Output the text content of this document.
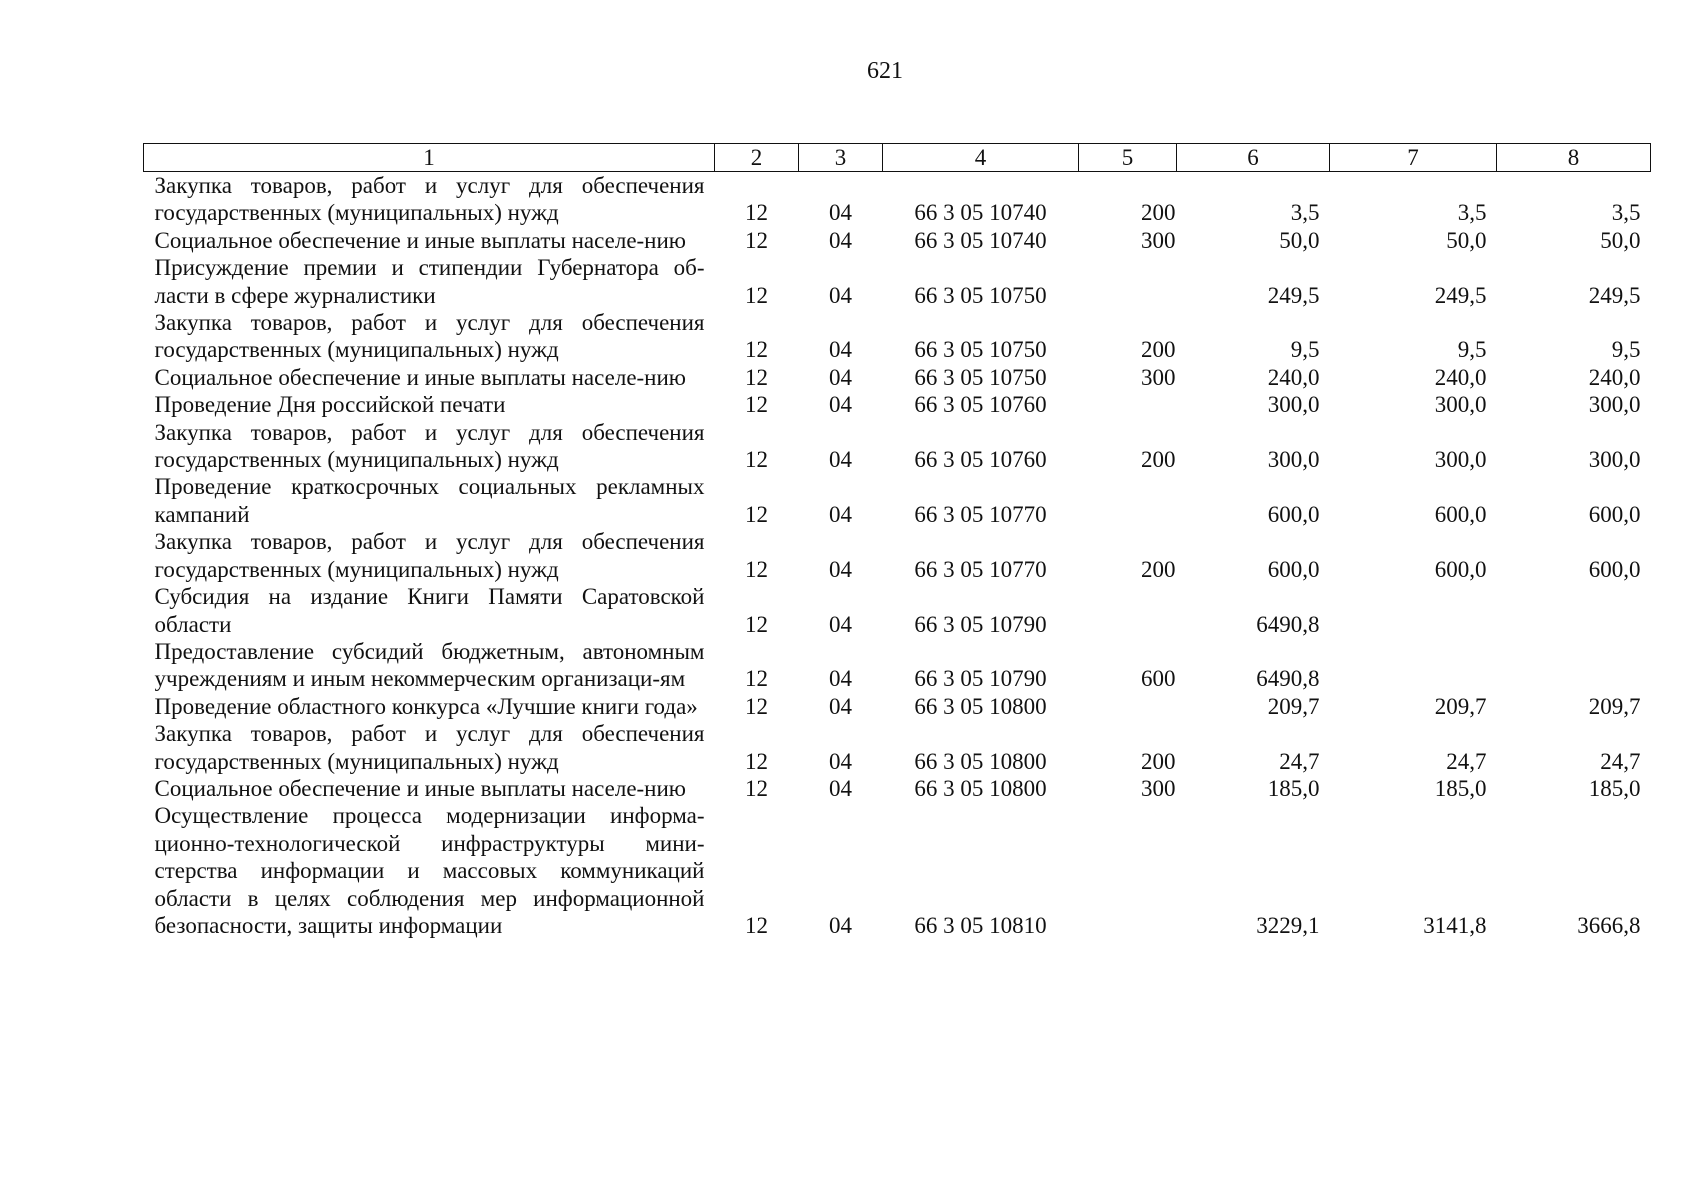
621
1	2	3	4	5	6	7	8
Закупка товаров, работ и услуг для обеспечения государственных (муниципальных) нужд	12	04	66 3 05 10740	200	3,5	3,5	3,5
Социальное обеспечение и иные выплаты населе-нию	12	04	66 3 05 10740	300	50,0	50,0	50,0
Присуждение премии и стипендии Губернатора об-ласти в сфере журналистики	12	04	66 3 05 10750		249,5	249,5	249,5
Закупка товаров, работ и услуг для обеспечения государственных (муниципальных) нужд	12	04	66 3 05 10750	200	9,5	9,5	9,5
Социальное обеспечение и иные выплаты населе-нию	12	04	66 3 05 10750	300	240,0	240,0	240,0
Проведение Дня российской печати	12	04	66 3 05 10760		300,0	300,0	300,0
Закупка товаров, работ и услуг для обеспечения государственных (муниципальных) нужд	12	04	66 3 05 10760	200	300,0	300,0	300,0
Проведение краткосрочных социальных рекламных кампаний	12	04	66 3 05 10770		600,0	600,0	600,0
Закупка товаров, работ и услуг для обеспечения государственных (муниципальных) нужд	12	04	66 3 05 10770	200	600,0	600,0	600,0
Субсидия на издание Книги Памяти Саратовской области	12	04	66 3 05 10790		6490,8		
Предоставление субсидий бюджетным, автономным учреждениям и иным некоммерческим организаци-ям	12	04	66 3 05 10790	600	6490,8		
Проведение областного конкурса «Лучшие книги года»	12	04	66 3 05 10800		209,7	209,7	209,7
Закупка товаров, работ и услуг для обеспечения государственных (муниципальных) нужд	12	04	66 3 05 10800	200	24,7	24,7	24,7
Социальное обеспечение и иные выплаты населе-нию	12	04	66 3 05 10800	300	185,0	185,0	185,0
Осуществление процесса модернизации информа-ционно-технологической инфраструктуры мини-стерства информации и массовых коммуникаций области в целях соблюдения мер информационной безопасности, защиты информации	12	04	66 3 05 10810		3229,1	3141,8	3666,8
